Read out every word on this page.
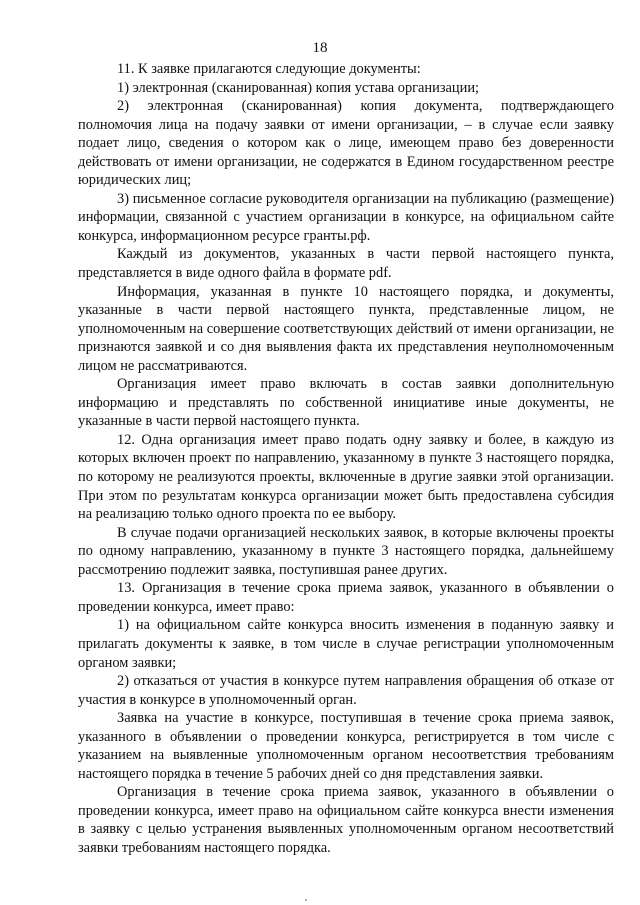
18

11. К заявке прилагаются следующие документы:

1) электронная (сканированная) копия устава организации;

2) электронная (сканированная) копия документа, подтверждающего полномочия лица на подачу заявки от имени организации, – в случае если заявку подает лицо, сведения о котором как о лице, имеющем право без доверенности действовать от имени организации, не содержатся в Едином государственном реестре юридических лиц;

3) письменное согласие руководителя организации на публикацию (размещение) информации, связанной с участием организации в конкурсе, на официальном сайте конкурса, информационном ресурсе гранты.рф.

Каждый из документов, указанных в части первой настоящего пункта, представляется в виде одного файла в формате pdf.

Информация, указанная в пункте 10 настоящего порядка, и документы, указанные в части первой настоящего пункта, представленные лицом, не уполномоченным на совершение соответствующих действий от имени организации, не признаются заявкой и со дня выявления факта их представления неуполномоченным лицом не рассматриваются.

Организация имеет право включать в состав заявки дополнительную информацию и представлять по собственной инициативе иные документы, не указанные в части первой настоящего пункта.

12. Одна организация имеет право подать одну заявку и более, в каждую из которых включен проект по направлению, указанному в пункте 3 настоящего порядка, по которому не реализуются проекты, включенные в другие заявки этой организации. При этом по результатам конкурса организации может быть предоставлена субсидия на реализацию только одного проекта по ее выбору.

В случае подачи организацией нескольких заявок, в которые включены проекты по одному направлению, указанному в пункте 3 настоящего порядка, дальнейшему рассмотрению подлежит заявка, поступившая ранее других.

13. Организация в течение срока приема заявок, указанного в объявлении о проведении конкурса, имеет право:

1) на официальном сайте конкурса вносить изменения в поданную заявку и прилагать документы к заявке, в том числе в случае регистрации уполномоченным органом заявки;

2) отказаться от участия в конкурсе путем направления обращения об отказе от участия в конкурсе в уполномоченный орган.

Заявка на участие в конкурсе, поступившая в течение срока приема заявок, указанного в объявлении о проведении конкурса, регистрируется в том числе с указанием на выявленные уполномоченным органом несоответствия требованиям настоящего порядка в течение 5 рабочих дней со дня представления заявки.

Организация в течение срока приема заявок, указанного в объявлении о проведении конкурса, имеет право на официальном сайте конкурса внести изменения в заявку с целью устранения выявленных уполномоченным органом несоответствий заявки требованиям настоящего порядка.
